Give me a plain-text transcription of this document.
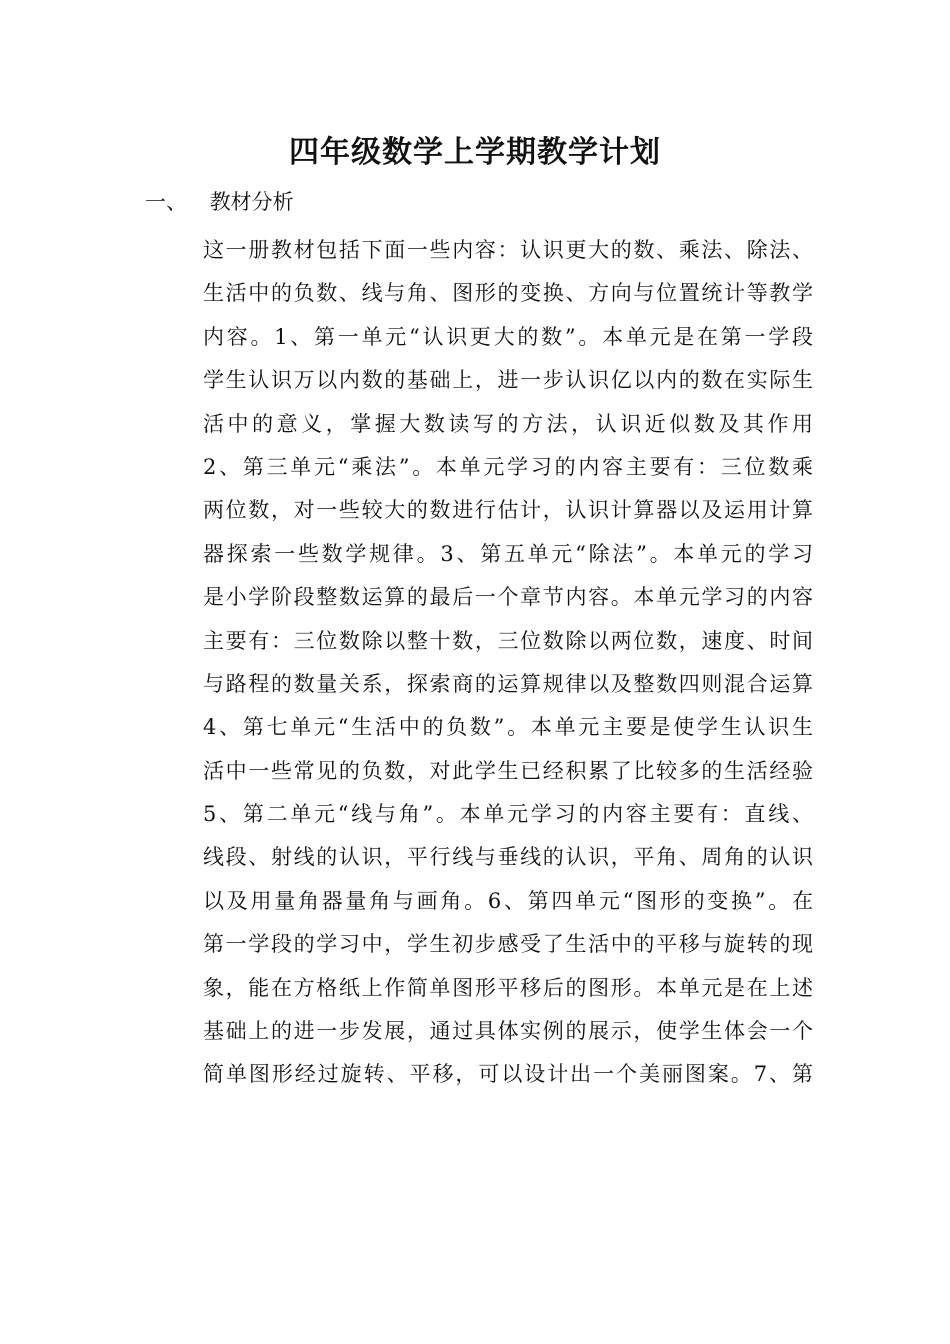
四年级数学上学期教学计划
一、 教材分析
这一册教材包括下面一些内容：认识更大的数、乘法、除法、
生活中的负数、线与角、图形的变换、方向与位置统计等教学
内容。1、第一单元“认识更大的数”。本单元是在第一学段
学生认识万以内数的基础上，进一步认识亿以内的数在实际生
活中的意义，掌握大数读写的方法，认识近似数及其作用
2、第三单元“乘法”。本单元学习的内容主要有：三位数乘
两位数，对一些较大的数进行估计，认识计算器以及运用计算
器探索一些数学规律。3、第五单元“除法”。本单元的学习
是小学阶段整数运算的最后一个章节内容。本单元学习的内容
主要有：三位数除以整十数，三位数除以两位数，速度、时间
与路程的数量关系，探索商的运算规律以及整数四则混合运算
4、第七单元“生活中的负数”。本单元主要是使学生认识生
活中一些常见的负数，对此学生已经积累了比较多的生活经验
5、第二单元“线与角”。本单元学习的内容主要有：直线、
线段、射线的认识，平行线与垂线的认识，平角、周角的认识
以及用量角器量角与画角。6、第四单元“图形的变换”。在
第一学段的学习中，学生初步感受了生活中的平移与旋转的现
象，能在方格纸上作简单图形平移后的图形。本单元是在上述
基础上的进一步发展，通过具体实例的展示，使学生体会一个
简单图形经过旋转、平移，可以设计出一个美丽图案。7、第
